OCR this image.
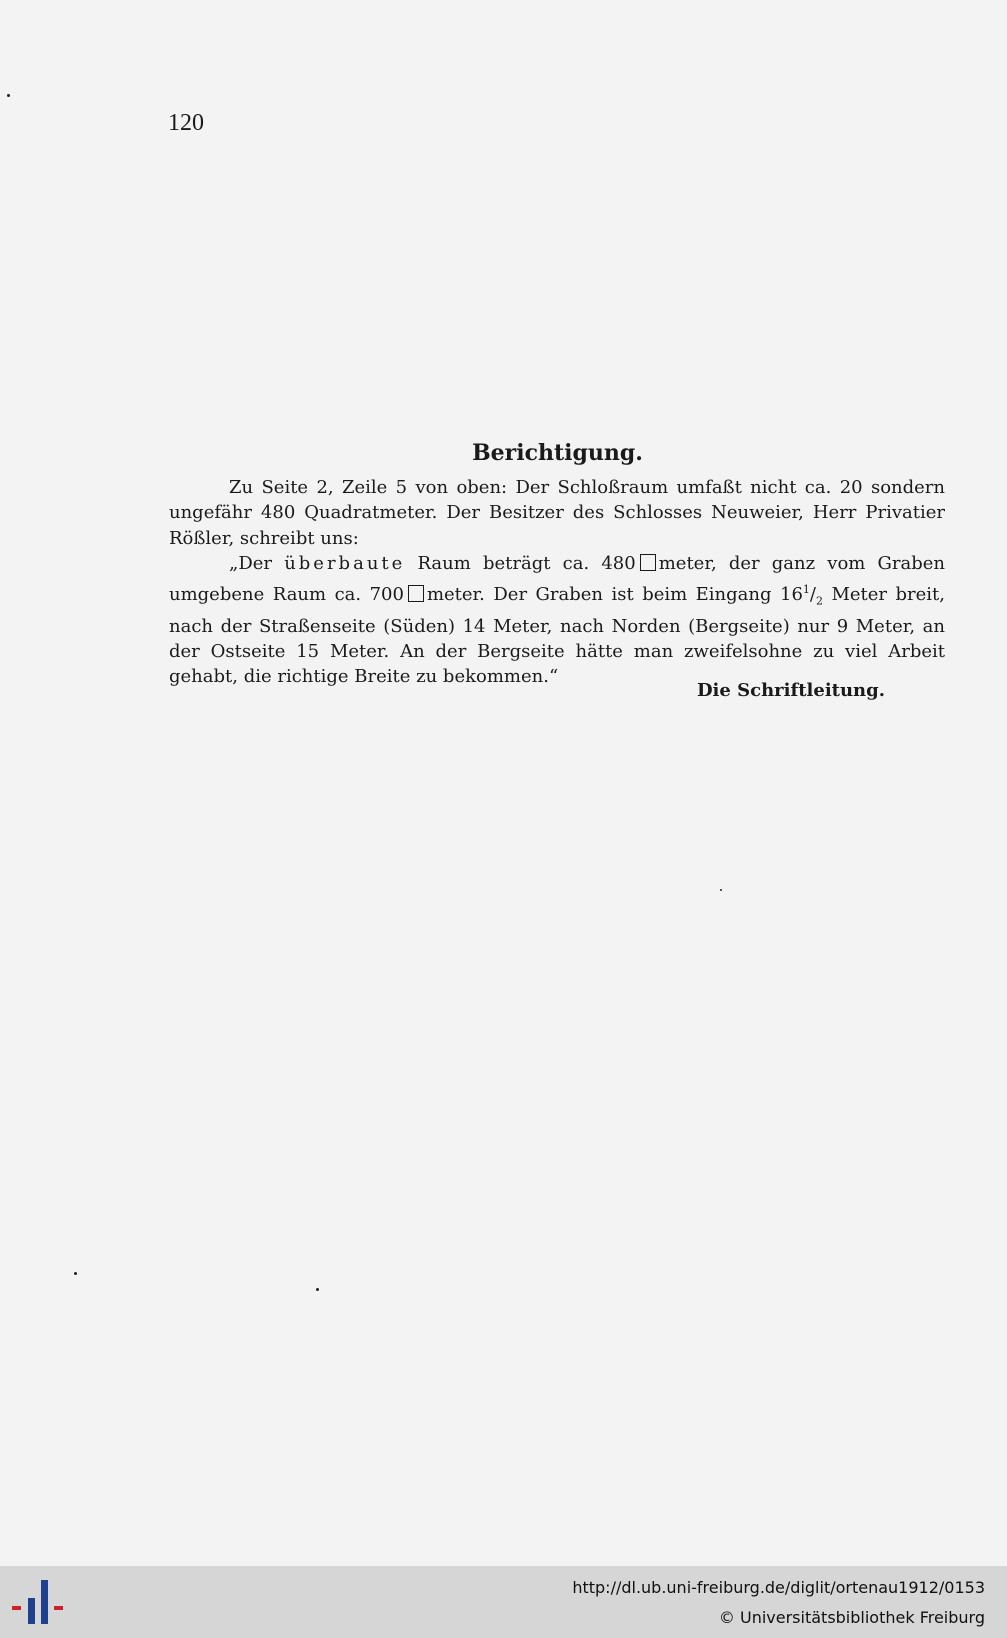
120
Berichtigung.

Zu Seite 2, Zeile 5 von oben: Der Schloßraum umfaßt nicht ca. 20 sondern ungefähr 480 Quadratmeter. Der Besitzer des Schlosses Neuweier, Herr Privatier Rößler, schreibt uns:

„Der überbaute Raum beträgt ca. 480 meter, der ganz vom Graben umgebene Raum ca. 700 meter. Der Graben ist beim Eingang $16^1/_2$ Meter breit, nach der Straßenseite (Süden) 14 Meter, nach Norden (Bergseite) nur 9 Meter, an der Ostseite 15 Meter. An der Bergseite hätte man zweifelsohne zu viel Arbeit gehabt, die richtige Breite zu bekommen.“

Die Schriftleitung.
http://dl.ub.uni-freiburg.de/diglit/ortenau1912/0153
© Universitätsbibliothek Freiburg
